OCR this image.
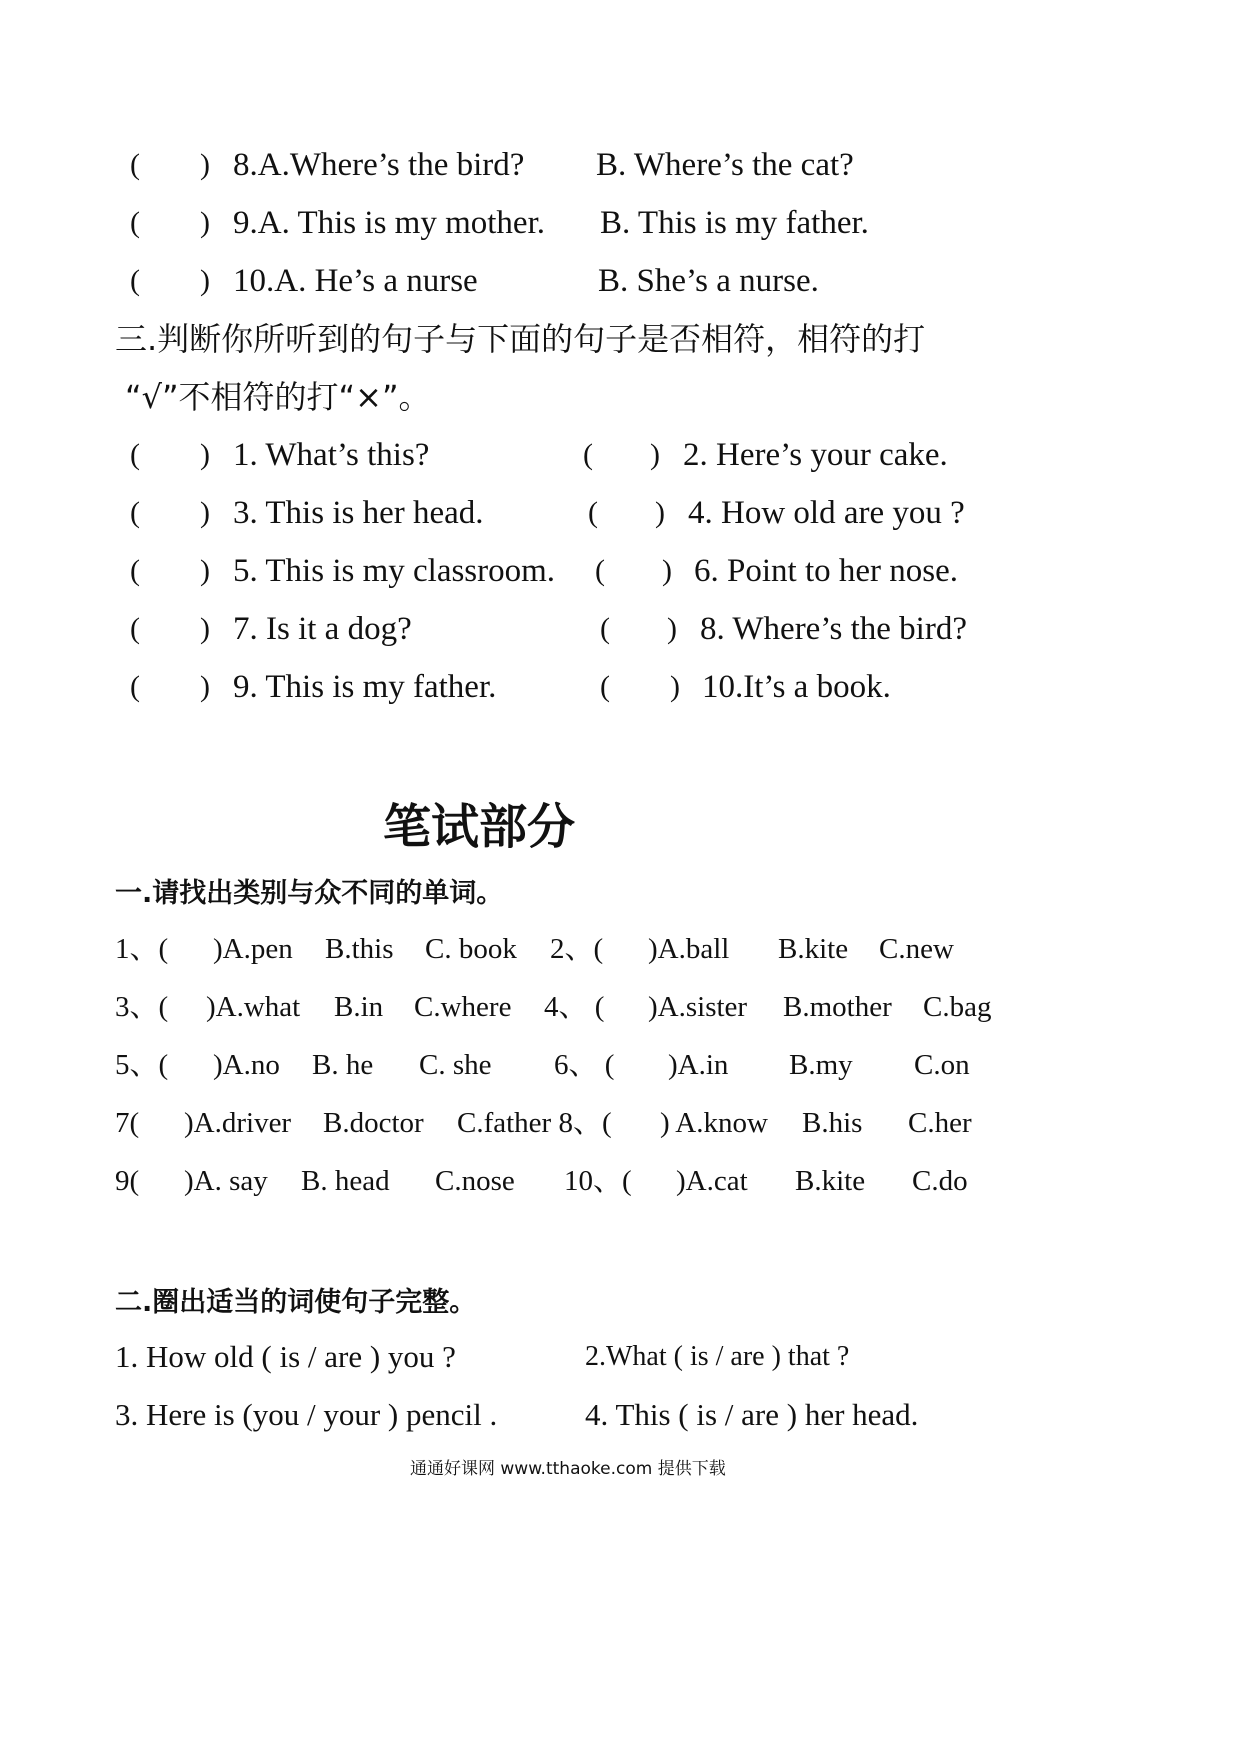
( ) 8.A.Where’s the bird? B. Where’s the cat?
( ) 9.A. This is my mother. B. This is my father.
( ) 10.A. He’s a nurse	B. She’s a nurse.
三.判断你所听到的句子与下面的句子是否相符，相符的打
“√”不相符的打“×”。
( ) 1. What’s this?	( ) 2. Here’s your cake.
( ) 3. This is her head.	( ) 4. How old are you ?
( ) 5. This is my classroom. ( ) 6. Point to her nose.
( ) 7. Is it a dog?	( ) 8. Where’s the bird?
( ) 9. This is my father.	( ) 10.It’s a book.
笔试部分
一.请找出类别与众不同的单词。
1、( )A.pen B.this C. book 2、( )A.ball B.kite C.new
3、( )A.what B.in C.where 4、 ( )A.sister B.mother C.bag
5、( )A.no B. he C. she 6、 ( )A.in B.my C.on
7( )A.driver B.doctor C.father 8、( ) A.know B.his C.her
9( )A. say B. head C.nose 10、( )A.cat B.kite C.do
二.圈出适当的词使句子完整。
1. How old ( is / are ) you ?	2.What ( is / are ) that ?
3. Here is (you / your ) pencil .	4. This ( is / are ) her head.
通通好课网 www.tthaoke.com 提供下载
